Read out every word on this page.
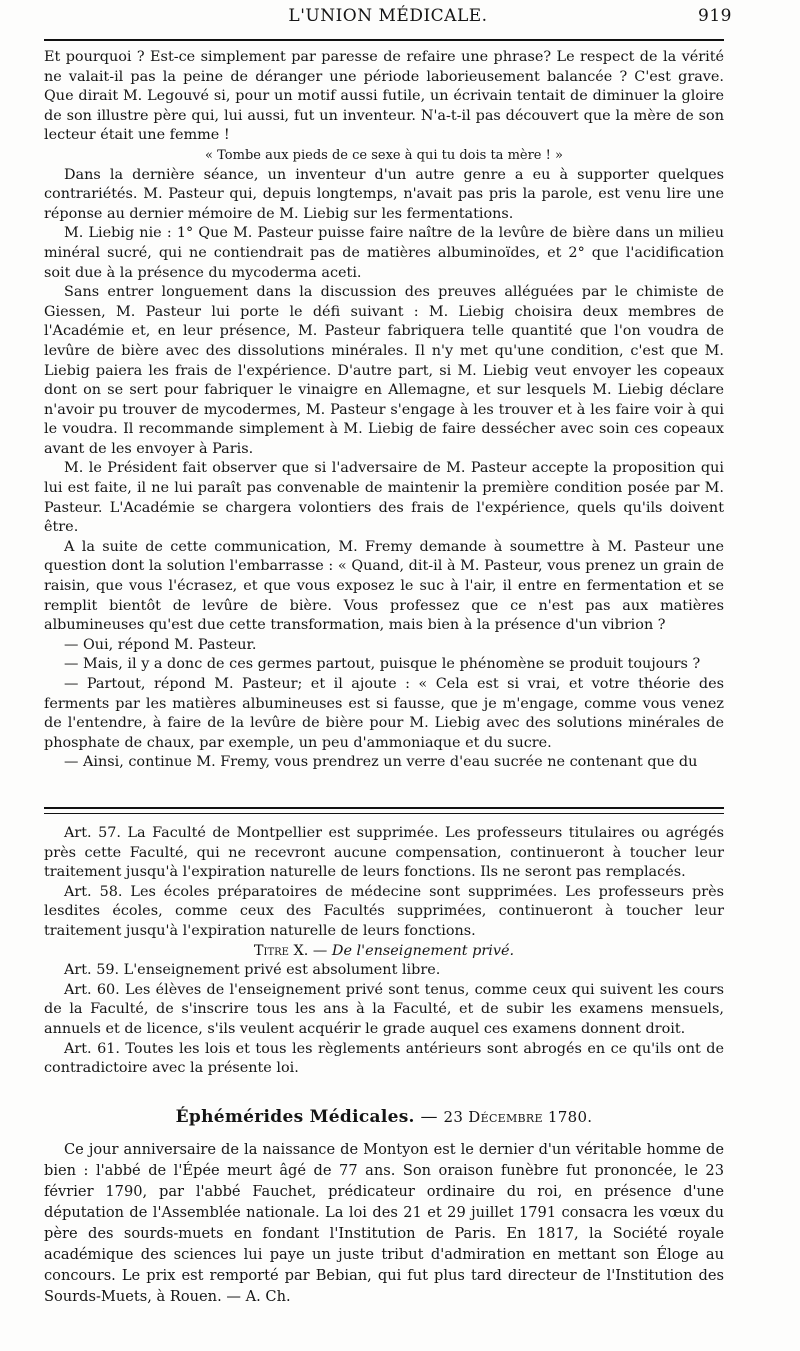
L'UNION MÉDICALE.	919

Et pourquoi ? Est-ce simplement par paresse de refaire une phrase? Le respect de la vérité ne valait-il pas la peine de déranger une période laborieusement balancée ? C'est grave. Que dirait M. Legouvé si, pour un motif aussi futile, un écrivain tentait de diminuer la gloire de son illustre père qui, lui aussi, fut un inventeur. N'a-t-il pas découvert que la mère de son lecteur était une femme !

« Tombe aux pieds de ce sexe à qui tu dois ta mère ! »

Dans la dernière séance, un inventeur d'un autre genre a eu à supporter quelques contrariétés. M. Pasteur qui, depuis longtemps, n'avait pas pris la parole, est venu lire une réponse au dernier mémoire de M. Liebig sur les fermentations.

M. Liebig nie : 1° Que M. Pasteur puisse faire naître de la levûre de bière dans un milieu minéral sucré, qui ne contiendrait pas de matières albuminoïdes, et 2° que l'acidification soit due à la présence du mycoderma aceti.

Sans entrer longuement dans la discussion des preuves alléguées par le chimiste de Giessen, M. Pasteur lui porte le défi suivant : M. Liebig choisira deux membres de l'Académie et, en leur présence, M. Pasteur fabriquera telle quantité que l'on voudra de levûre de bière avec des dissolutions minérales. Il n'y met qu'une condition, c'est que M. Liebig paiera les frais de l'expérience. D'autre part, si M. Liebig veut envoyer les copeaux dont on se sert pour fabriquer le vinaigre en Allemagne, et sur lesquels M. Liebig déclare n'avoir pu trouver de mycodermes, M. Pasteur s'engage à les trouver et à les faire voir à qui le voudra. Il recommande simplement à M. Liebig de faire dessécher avec soin ces copeaux avant de les envoyer à Paris.

M. le Président fait observer que si l'adversaire de M. Pasteur accepte la proposition qui lui est faite, il ne lui paraît pas convenable de maintenir la première condition posée par M. Pasteur. L'Académie se chargera volontiers des frais de l'expérience, quels qu'ils doivent être.

A la suite de cette communication, M. Fremy demande à soumettre à M. Pasteur une question dont la solution l'embarrasse : « Quand, dit-il à M. Pasteur, vous prenez un grain de raisin, que vous l'écrasez, et que vous exposez le suc à l'air, il entre en fermentation et se remplit bientôt de levûre de bière. Vous professez que ce n'est pas aux matières albumineuses qu'est due cette transformation, mais bien à la présence d'un vibrion ?

— Oui, répond M. Pasteur.

— Mais, il y a donc de ces germes partout, puisque le phénomène se produit toujours ?

— Partout, répond M. Pasteur; et il ajoute : « Cela est si vrai, et votre théorie des ferments par les matières albumineuses est si fausse, que je m'engage, comme vous venez de l'entendre, à faire de la levûre de bière pour M. Liebig avec des solutions minérales de phosphate de chaux, par exemple, un peu d'ammoniaque et du sucre.

— Ainsi, continue M. Fremy, vous prendrez un verre d'eau sucrée ne contenant que du

Art. 57. La Faculté de Montpellier est supprimée. Les professeurs titulaires ou agrégés près cette Faculté, qui ne recevront aucune compensation, continueront à toucher leur traitement jusqu'à l'expiration naturelle de leurs fonctions. Ils ne seront pas remplacés.

Art. 58. Les écoles préparatoires de médecine sont supprimées. Les professeurs près lesdites écoles, comme ceux des Facultés supprimées, continueront à toucher leur traitement jusqu'à l'expiration naturelle de leurs fonctions.

Titre X. — De l'enseignement privé.

Art. 59. L'enseignement privé est absolument libre.

Art. 60. Les élèves de l'enseignement privé sont tenus, comme ceux qui suivent les cours de la Faculté, de s'inscrire tous les ans à la Faculté, et de subir les examens mensuels, annuels et de licence, s'ils veulent acquérir le grade auquel ces examens donnent droit.

Art. 61. Toutes les lois et tous les règlements antérieurs sont abrogés en ce qu'ils ont de contradictoire avec la présente loi.

Éphémérides Médicales. — 23 Décembre 1780.

Ce jour anniversaire de la naissance de Montyon est le dernier d'un véritable homme de bien : l'abbé de l'Épée meurt âgé de 77 ans. Son oraison funèbre fut prononcée, le 23 février 1790, par l'abbé Fauchet, prédicateur ordinaire du roi, en présence d'une députation de l'Assemblée nationale. La loi des 21 et 29 juillet 1791 consacra les vœux du père des sourds-muets en fondant l'Institution de Paris. En 1817, la Société royale académique des sciences lui paye un juste tribut d'admiration en mettant son Éloge au concours. Le prix est remporté par Bebian, qui fut plus tard directeur de l'Institution des Sourds-Muets, à Rouen. — A. Ch.
